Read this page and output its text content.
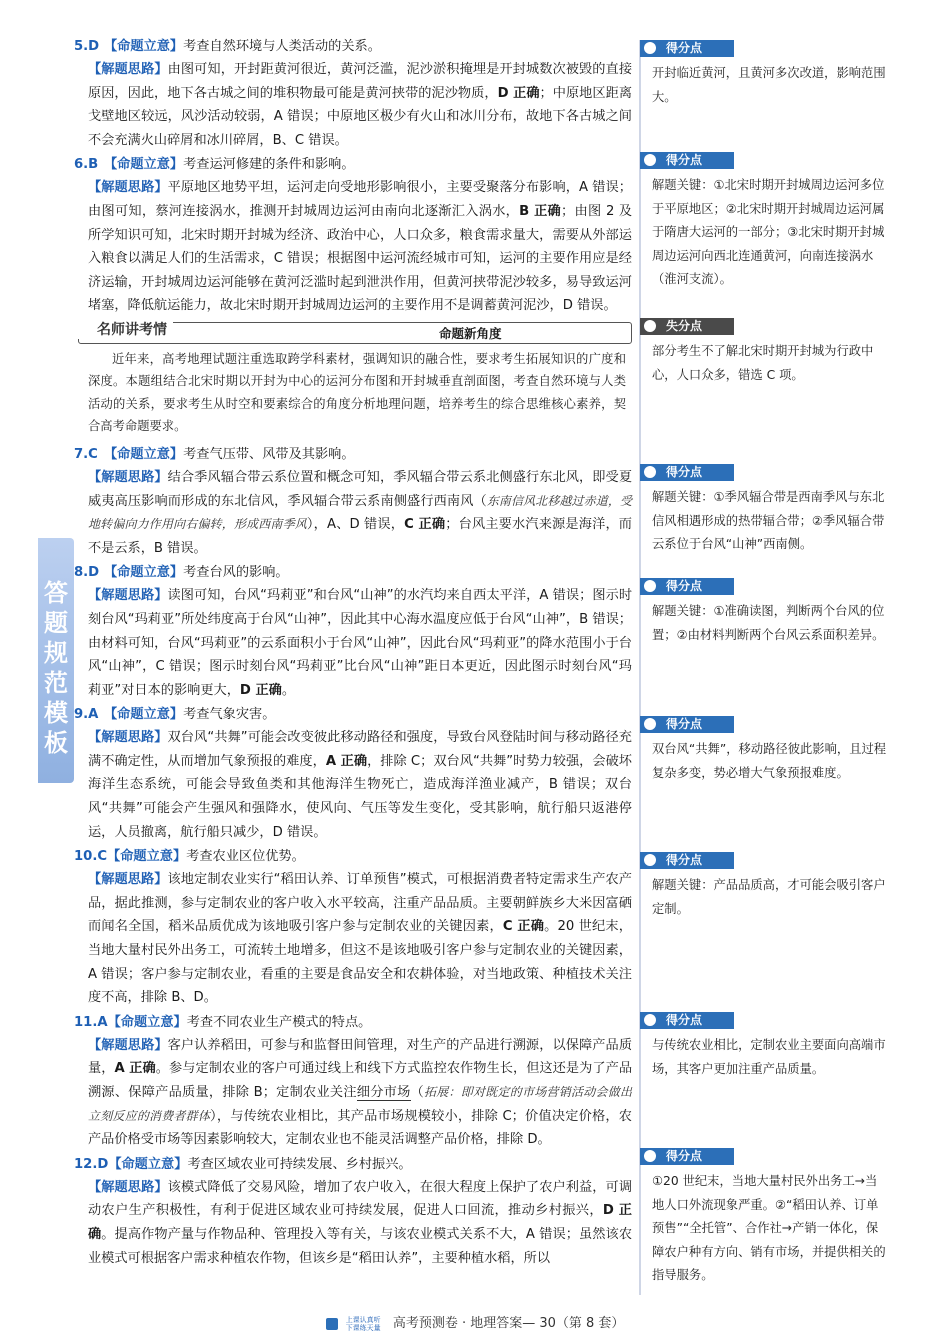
答题规范模板
5.D 【命题立意】考查自然环境与人类活动的关系。
【解题思路】由图可知，开封距黄河很近，黄河泛滥，泥沙淤积掩埋是开封城数次被毁的直接原因，因此，地下各古城之间的堆积物最可能是黄河挟带的泥沙物质，D 正确；中原地区距离戈壁地区较远，风沙活动较弱，A 错误；中原地区极少有火山和冰川分布，故地下各古城之间不会充满火山碎屑和冰川碎屑，B、C 错误。
6.B 【命题立意】考查运河修建的条件和影响。
【解题思路】平原地区地势平坦，运河走向受地形影响很小，主要受聚落分布影响，A 错误；由图可知，蔡河连接涡水，推测开封城周边运河由南向北逐渐汇入涡水，B 正确；由图 2 及所学知识可知，北宋时期开封城为经济、政治中心，人口众多，粮食需求量大，需要从外部运入粮食以满足人们的生活需求，C 错误；根据图中运河流经城市可知，运河的主要作用应是经济运输，开封城周边运河能够在黄河泛滥时起到泄洪作用，但黄河挟带泥沙较多，易导致运河堵塞，降低航运能力，故北宋时期开封城周边运河的主要作用不是调蓄黄河泥沙，D 错误。
名师讲考情	命题新角度
近年来，高考地理试题注重选取跨学科素材，强调知识的融合性，要求考生拓展知识的广度和深度。本题组结合北宋时期以开封为中心的运河分布图和开封城垂直剖面图，考查自然环境与人类活动的关系，要求考生从时空和要素综合的角度分析地理问题，培养考生的综合思维核心素养，契合高考命题要求。
7.C 【命题立意】考查气压带、风带及其影响。
【解题思路】结合季风辐合带云系位置和概念可知，季风辐合带云系北侧盛行东北风，即受夏威夷高压影响而形成的东北信风，季风辐合带云系南侧盛行西南风（东南信风北移越过赤道，受地转偏向力作用向右偏转，形成西南季风），A、D 错误，C 正确；台风主要水汽来源是海洋，而不是云系，B 错误。
8.D 【命题立意】考查台风的影响。
【解题思路】读图可知，台风“玛莉亚”和台风“山神”的水汽均来自西太平洋，A 错误；图示时刻台风“玛莉亚”所处纬度高于台风“山神”，因此其中心海水温度应低于台风“山神”，B 错误；由材料可知，台风“玛莉亚”的云系面积小于台风“山神”，因此台风“玛莉亚”的降水范围小于台风“山神”，C 错误；图示时刻台风“玛莉亚”比台风“山神”距日本更近，因此图示时刻台风“玛莉亚”对日本的影响更大，D 正确。
9.A 【命题立意】考查气象灾害。
【解题思路】双台风“共舞”可能会改变彼此移动路径和强度，导致台风登陆时间与移动路径充满不确定性，从而增加气象预报的难度，A 正确，排除 C；双台风“共舞”时势力较强，会破坏海洋生态系统，可能会导致鱼类和其他海洋生物死亡，造成海洋渔业减产，B 错误；双台风“共舞”可能会产生强风和强降水，使风向、气压等发生变化，受其影响，航行船只返港停运，人员撤离，航行船只减少，D 错误。
10.C【命题立意】考查农业区位优势。
【解题思路】该地定制农业实行“稻田认养、订单预售”模式，可根据消费者特定需求生产农产品，据此推测，参与定制农业的客户收入水平较高，注重产品品质。主要朝鲜族乡大米因富硒而闻名全国，稻米品质优成为该地吸引客户参与定制农业的关键因素，C 正确。20 世纪末，当地大量村民外出务工，可流转土地增多，但这不是该地吸引客户参与定制农业的关键因素，A 错误；客户参与定制农业，看重的主要是食品安全和农耕体验，对当地政策、种植技术关注度不高，排除 B、D。
11.A【命题立意】考查不同农业生产模式的特点。
【解题思路】客户认养稻田，可参与和监督田间管理，对生产的产品进行溯源，以保障产品质量，A 正确。参与定制农业的客户可通过线上和线下方式监控农作物生长，但这还是为了产品溯源、保障产品质量，排除 B；定制农业关注细分市场（拓展：即对既定的市场营销活动会做出立刻反应的消费者群体），与传统农业相比，其产品市场规模较小，排除 C；价值决定价格，农产品价格受市场等因素影响较大，定制农业也不能灵活调整产品价格，排除 D。
12.D【命题立意】考查区域农业可持续发展、乡村振兴。
【解题思路】该模式降低了交易风险，增加了农户收入，在很大程度上保护了农户利益，可调动农户生产积极性，有利于促进区域农业可持续发展，促进人口回流，推动乡村振兴，D 正确。提高作物产量与作物品种、管理投入等有关，与该农业模式关系不大，A 错误；虽然该农业模式可根据客户需求种植农作物，但该乡是“稻田认养”，主要种植水稻，所以
得分点
开封临近黄河，且黄河多次改道，影响范围大。
得分点
解题关键：①北宋时期开封城周边运河多位于平原地区；②北宋时期开封城周边运河属于隋唐大运河的一部分；③北宋时期开封城周边运河向西北连通黄河，向南连接涡水（淮河支流）。
失分点
部分考生不了解北宋时期开封城为行政中心，人口众多，错选 C 项。
得分点
解题关键：①季风辐合带是西南季风与东北信风相遇形成的热带辐合带；②季风辐合带云系位于台风“山神”西南侧。
得分点
解题关键：①准确读图，判断两个台风的位置；②由材料判断两个台风云系面积差异。
得分点
双台风“共舞”，移动路径彼此影响，且过程复杂多变，势必增大气象预报难度。
得分点
解题关键：产品品质高，才可能会吸引客户定制。
得分点
与传统农业相比，定制农业主要面向高端市场，其客户更加注重产品质量。
得分点
①20 世纪末，当地大量村民外出务工→当地人口外流现象严重。②“稻田认养、订单预售”“全托管”、合作社→产销一体化，保障农户种有方向、销有市场，并提供相关的指导服务。
上课认真听
下课练天量 高考预测卷 · 地理答案— 30（第 8 套）
